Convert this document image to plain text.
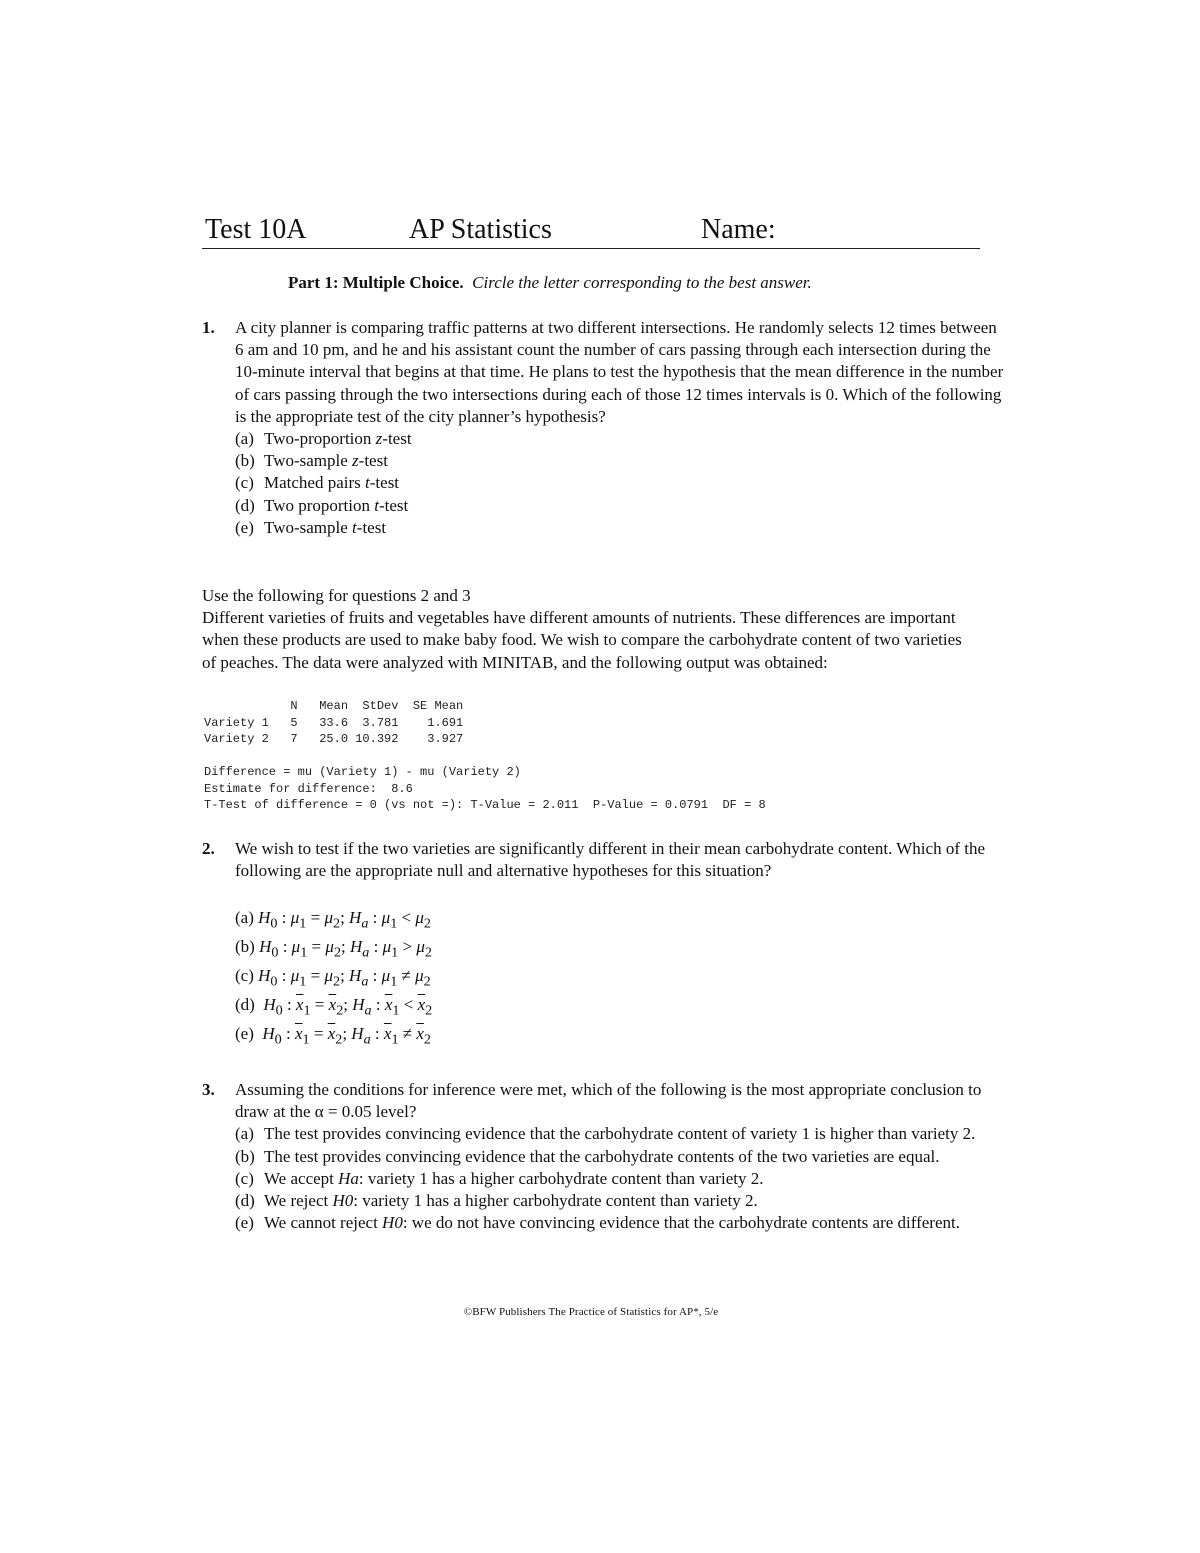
Test 10A	AP Statistics	Name:
Part 1: Multiple Choice. Circle the letter corresponding to the best answer.
1. A city planner is comparing traffic patterns at two different intersections. He randomly selects 12 times between 6 am and 10 pm, and he and his assistant count the number of cars passing through each intersection during the 10-minute interval that begins at that time. He plans to test the hypothesis that the mean difference in the number of cars passing through the two intersections during each of those 12 times intervals is 0. Which of the following is the appropriate test of the city planner’s hypothesis?
(a) Two-proportion z-test
(b) Two-sample z-test
(c) Matched pairs t-test
(d) Two proportion t-test
(e) Two-sample t-test
Use the following for questions 2 and 3
Different varieties of fruits and vegetables have different amounts of nutrients. These differences are important when these products are used to make baby food. We wish to compare the carbohydrate content of two varieties of peaches. The data were analyzed with MINITAB, and the following output was obtained:
N   Mean  StDev  SE Mean
Variety 1   5   33.6  3.781    1.691
Variety 2   7   25.0 10.392    3.927
Difference = mu (Variety 1) - mu (Variety 2)
Estimate for difference:  8.6
T-Test of difference = 0 (vs not =): T-Value = 2.011  P-Value = 0.0791  DF = 8
2. We wish to test if the two varieties are significantly different in their mean carbohydrate content. Which of the following are the appropriate null and alternative hypotheses for this situation?
(a) $H_0$ : $\mu_1 = \mu_2$; $H_a$ : $\mu_1 < \mu_2$
(b) $H_0$ : $\mu_1 = \mu_2$; $H_a$ : $\mu_1 > \mu_2$
(c) $H_0$ : $\mu_1 = \mu_2$; $H_a$ : $\mu_1 \ne \mu_2$
(d) $H_0$ : $\overline{x}_1 = \overline{x}_2$; $H_a$ : $\overline{x}_1 < \overline{x}_2$
(e) $H_0$ : $\overline{x}_1 = \overline{x}_2$; $H_a$ : $\overline{x}_1 \ne \overline{x}_2$
3. Assuming the conditions for inference were met, which of the following is the most appropriate conclusion to draw at the α = 0.05 level?
(a) The test provides convincing evidence that the carbohydrate content of variety 1 is higher than variety 2.
(b) The test provides convincing evidence that the carbohydrate contents of the two varieties are equal.
(c) We accept Ha: variety 1 has a higher carbohydrate content than variety 2.
(d) We reject H0: variety 1 has a higher carbohydrate content than variety 2.
(e) We cannot reject H0: we do not have convincing evidence that the carbohydrate contents are different.
©BFW Publishers The Practice of Statistics for AP*, 5/e
